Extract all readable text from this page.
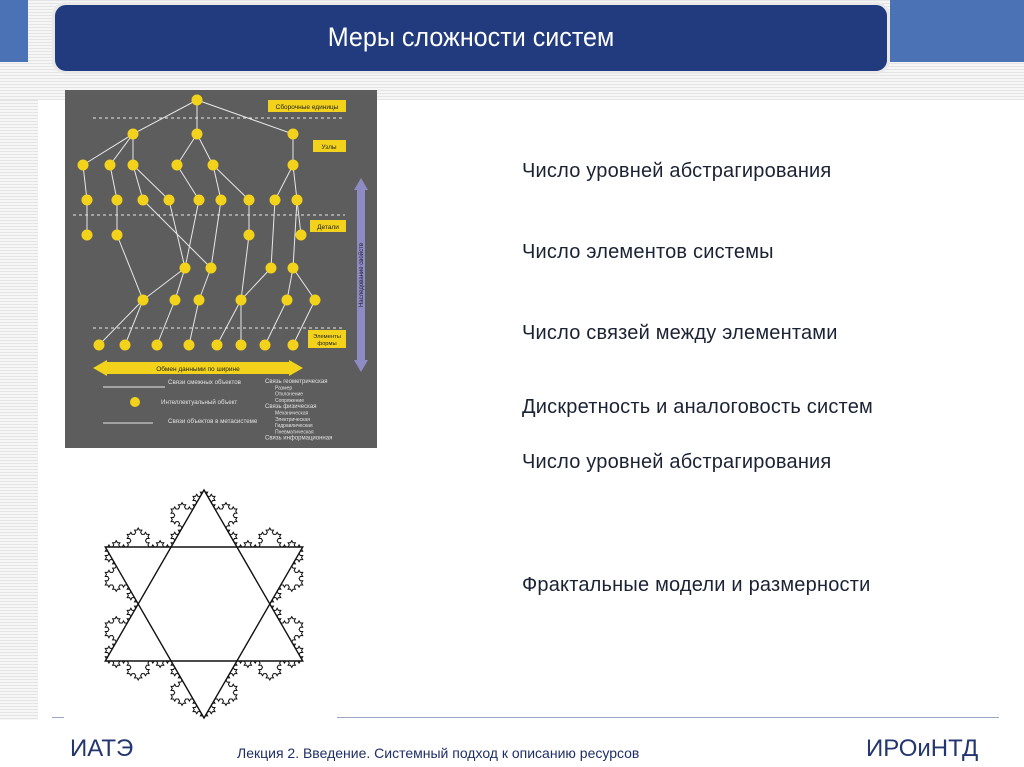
Меры сложности систем
Сборочные единицы
Узлы
Детали
Элементы формы
Наследование свойств
Обмен данными по ширине
Связи смежных объектов
Интеллектуальный объект
Связи объектов в метасистеме
Связь геометрическая
Размер
Отклонение
Сопряжение
Связь физическая
Механическая
Электрическая
Гидравлическая
Пневматическая
Связь информационная
Число уровней абстрагирования
Число элементов системы
Число связей между элементами
Дискретность и аналоговость систем
Число уровней абстрагирования
Фрактальные модели и размерности
ИАТЭ	Лекция 2. Введение. Системный подход к описанию ресурсов	ИРОиНТД
